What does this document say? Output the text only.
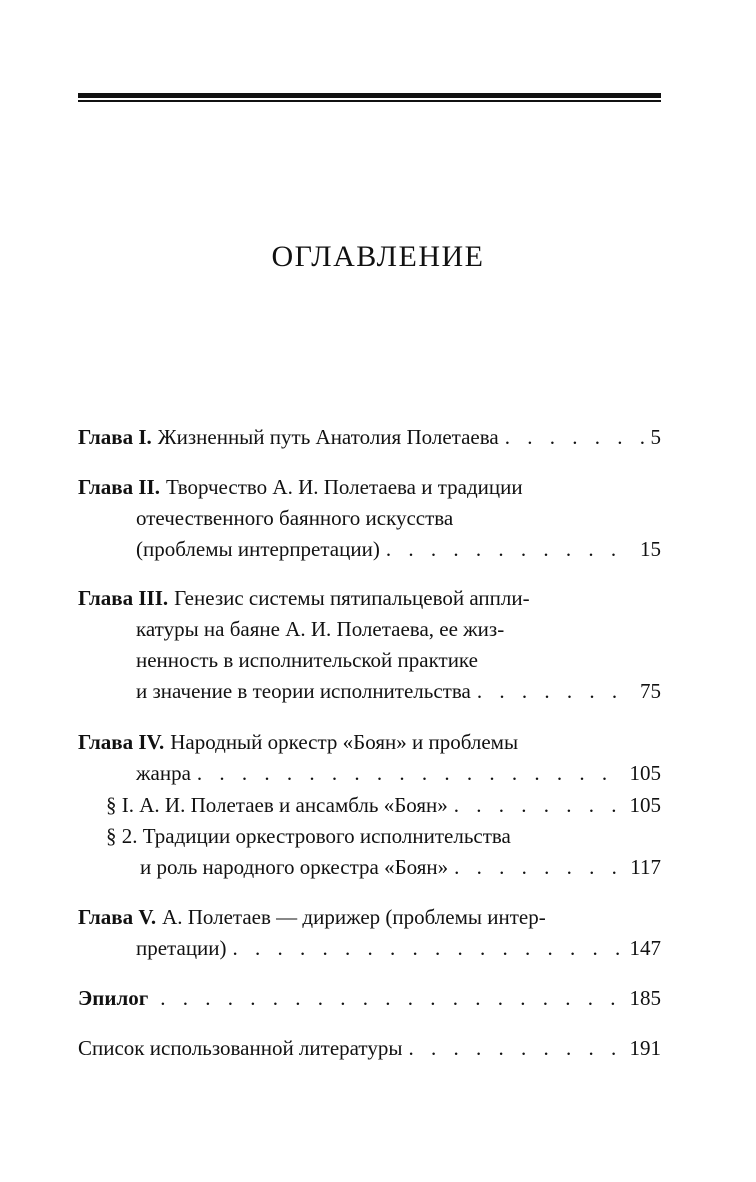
ОГЛАВЛЕНИЕ
Глава I. Жизненный путь Анатолия Полетаева . . .	5
Глава II. Творчество А. И. Полетаева и традиции
отечественного баянного искусства
(проблемы интерпретации) . . .	15
Глава III. Генезис системы пятипальцевой аппли-
катуры на баяне А. И. Полетаева, ее жиз-
ненность в исполнительской практике
и значение в теории исполнительства . . .	75
Глава IV. Народный оркестр «Боян» и проблемы
жанра . . .	105
§ I. А. И. Полетаев и ансамбль «Боян» . . .	105
§ 2. Традиции оркестрового исполнительства
и роль народного оркестра «Боян» . . .	117
Глава V. А. Полетаев — дирижер (проблемы интер-
претации) . . .	147
Эпилог . . .	185
Список использованной литературы . . .	191
